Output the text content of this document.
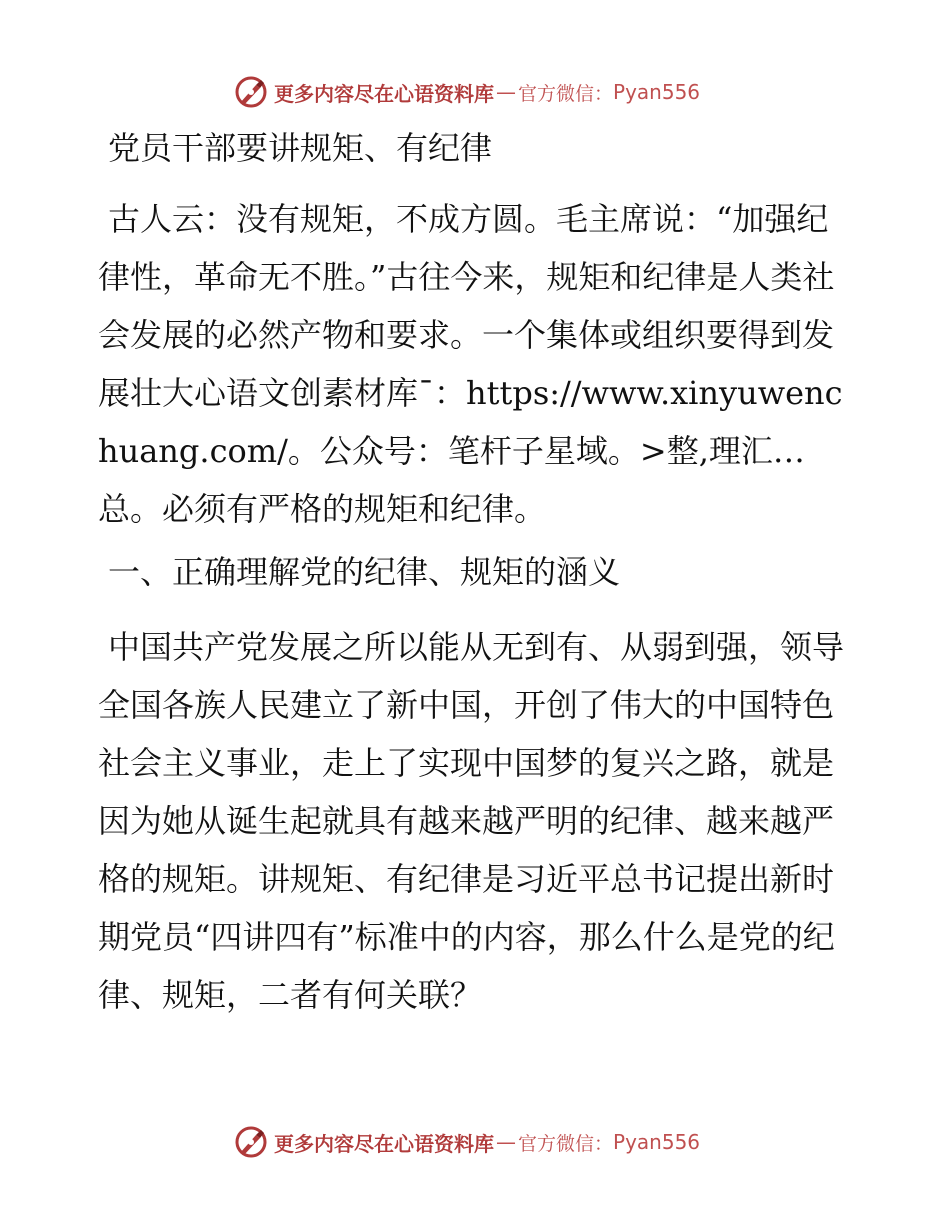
更多内容尽在心语资料库 — 官方微信： Pyan556
党员干部要讲规矩、有纪律

古人云：没有规矩，不成方圆。毛主席说：“加强纪律性，革命无不胜。”古往今来，规矩和纪律是人类社会发展的必然产物和要求。一个集体或组织要得到发展壮大心语文创素材库¯：https://www.xinyuwenchuang.com/。公众号：笔杆子星域。>整,理汇…总。必须有严格的规矩和纪律。

一、正确理解党的纪律、规矩的涵义

中国共产党发展之所以能从无到有、从弱到强，领导全国各族人民建立了新中国，开创了伟大的中国特色社会主义事业，走上了实现中国梦的复兴之路，就是因为她从诞生起就具有越来越严明的纪律、越来越严格的规矩。讲规矩、有纪律是习近平总书记提出新时期党员“四讲四有”标准中的内容，那么什么是党的纪律、规矩，二者有何关联？

更多内容尽在心语资料库 — 官方微信： Pyan556
